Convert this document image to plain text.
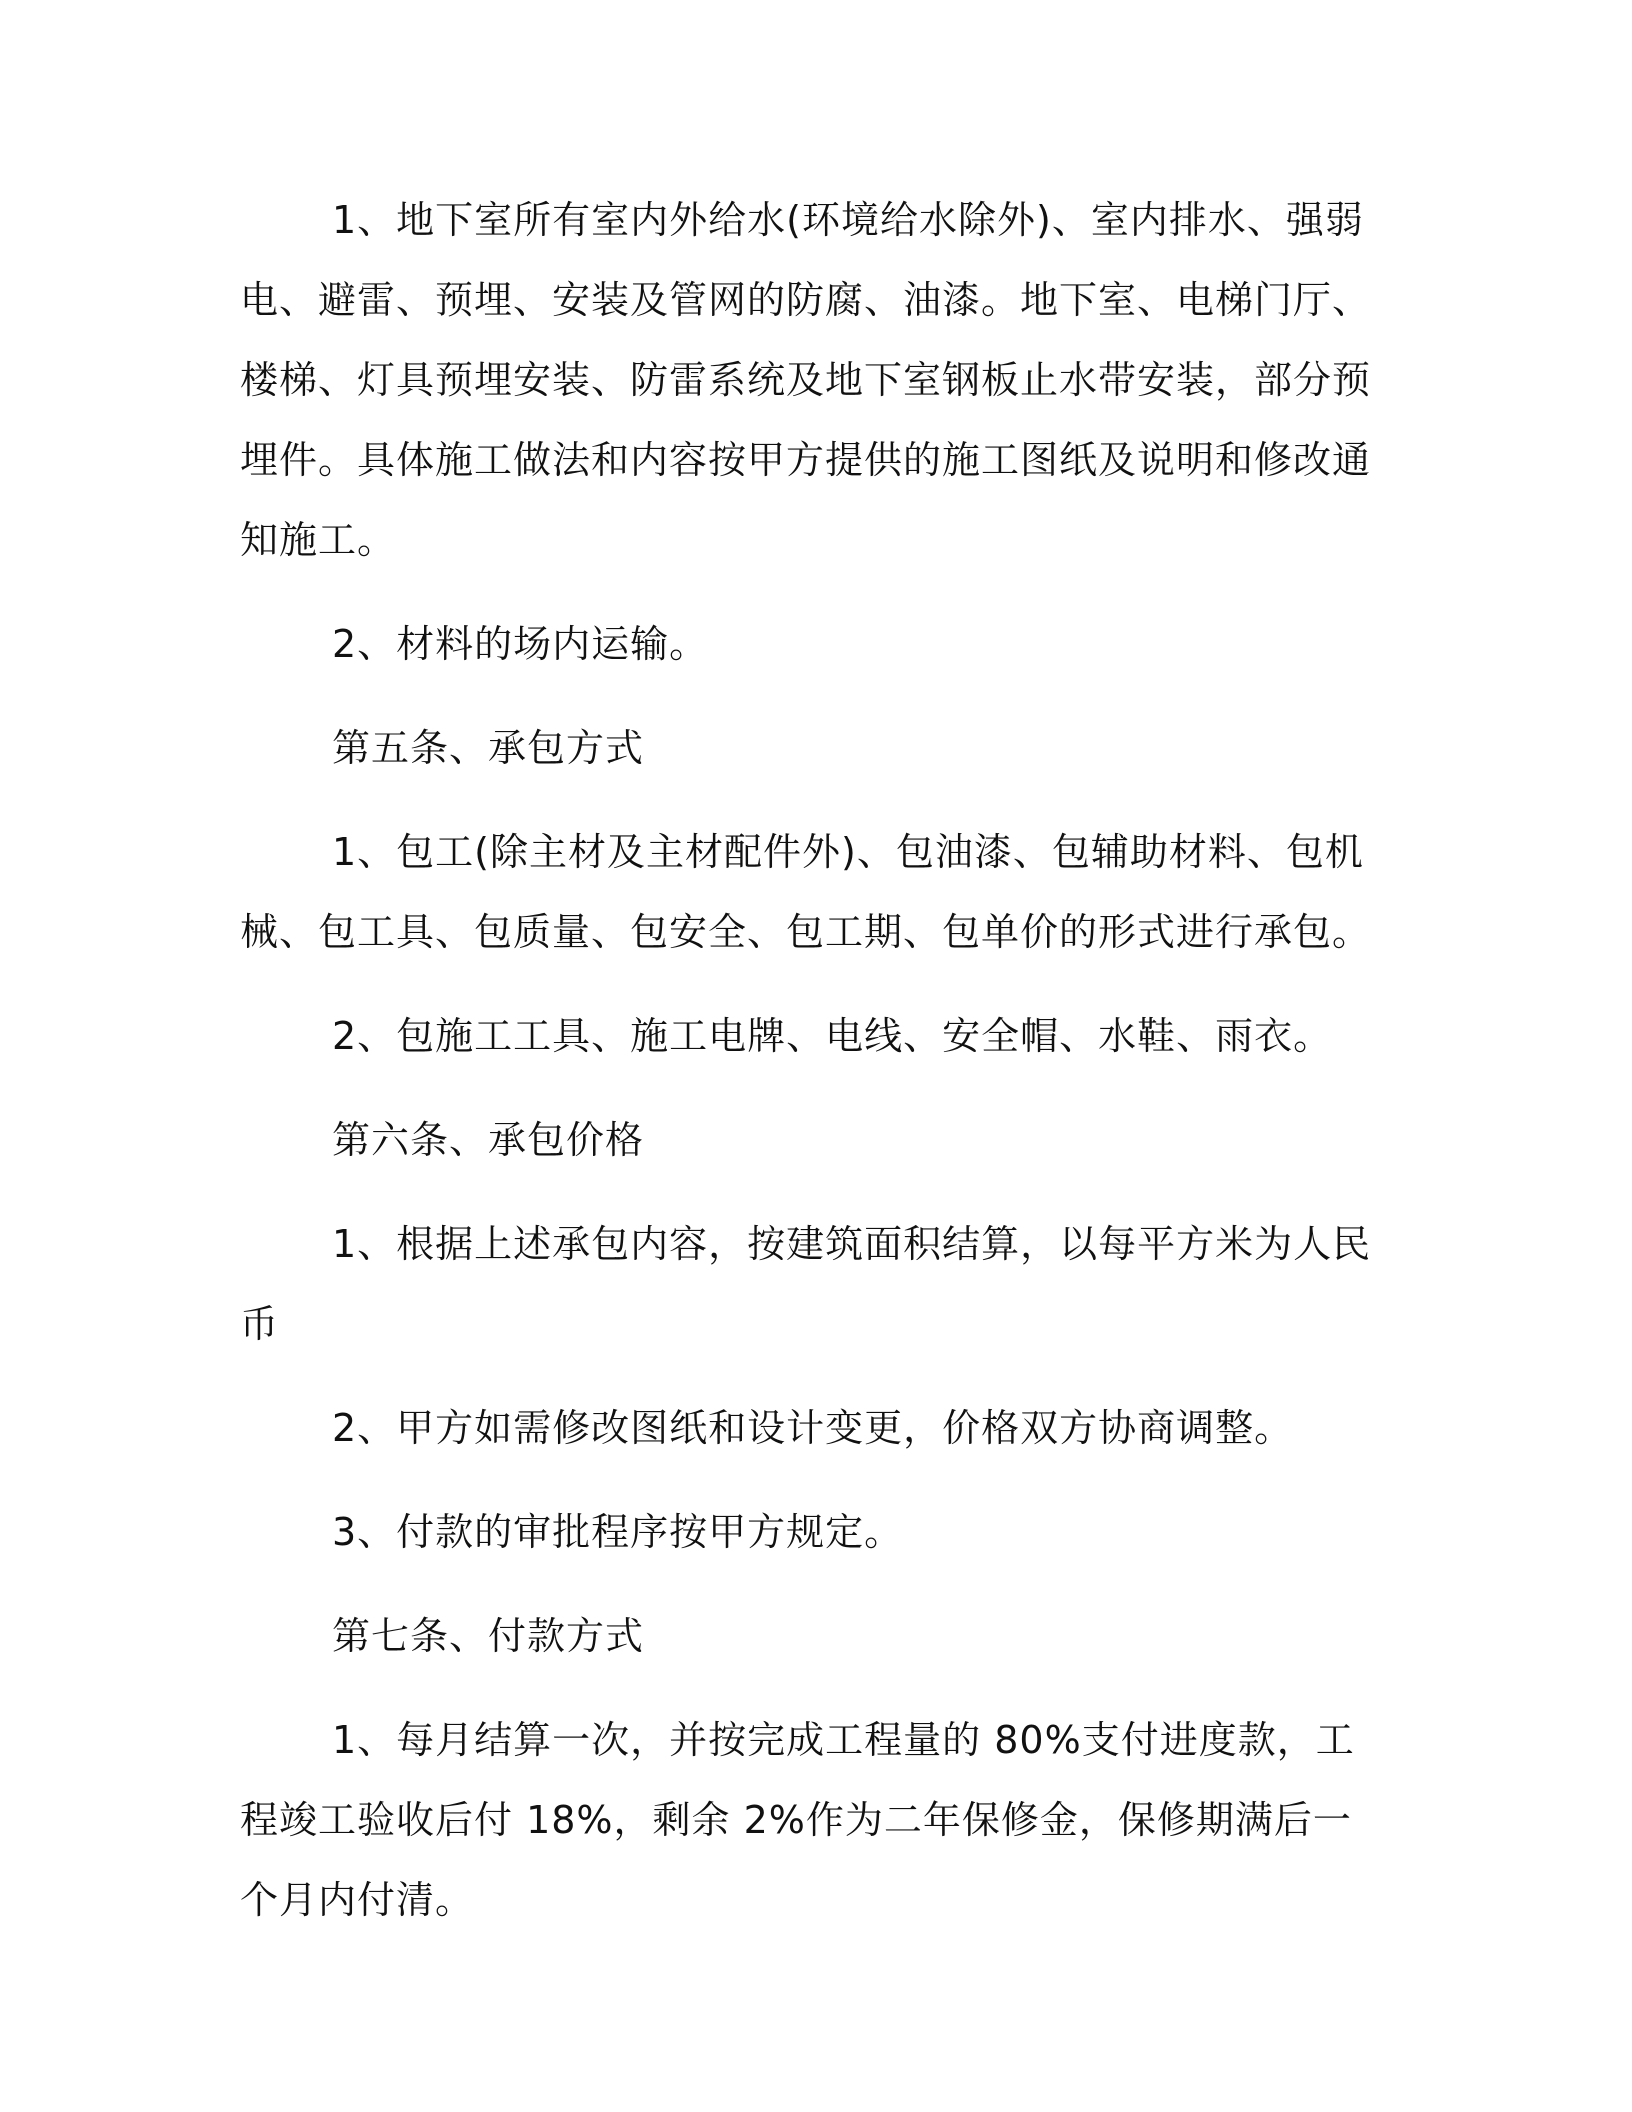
1、地下室所有室内外给水(环境给水除外)、室内排水、强弱电、避雷、预埋、安装及管网的防腐、油漆。地下室、电梯门厅、楼梯、灯具预埋安装、防雷系统及地下室钢板止水带安装，部分预埋件。具体施工做法和内容按甲方提供的施工图纸及说明和修改通知施工。

2、材料的场内运输。

第五条、承包方式

1、包工(除主材及主材配件外)、包油漆、包辅助材料、包机械、包工具、包质量、包安全、包工期、包单价的形式进行承包。

2、包施工工具、施工电牌、电线、安全帽、水鞋、雨衣。

第六条、承包价格

1、根据上述承包内容，按建筑面积结算，以每平方米为人民币

2、甲方如需修改图纸和设计变更，价格双方协商调整。

3、付款的审批程序按甲方规定。

第七条、付款方式

1、每月结算一次，并按完成工程量的 80%支付进度款，工程竣工验收后付 18%，剩余 2%作为二年保修金，保修期满后一个月内付清。
